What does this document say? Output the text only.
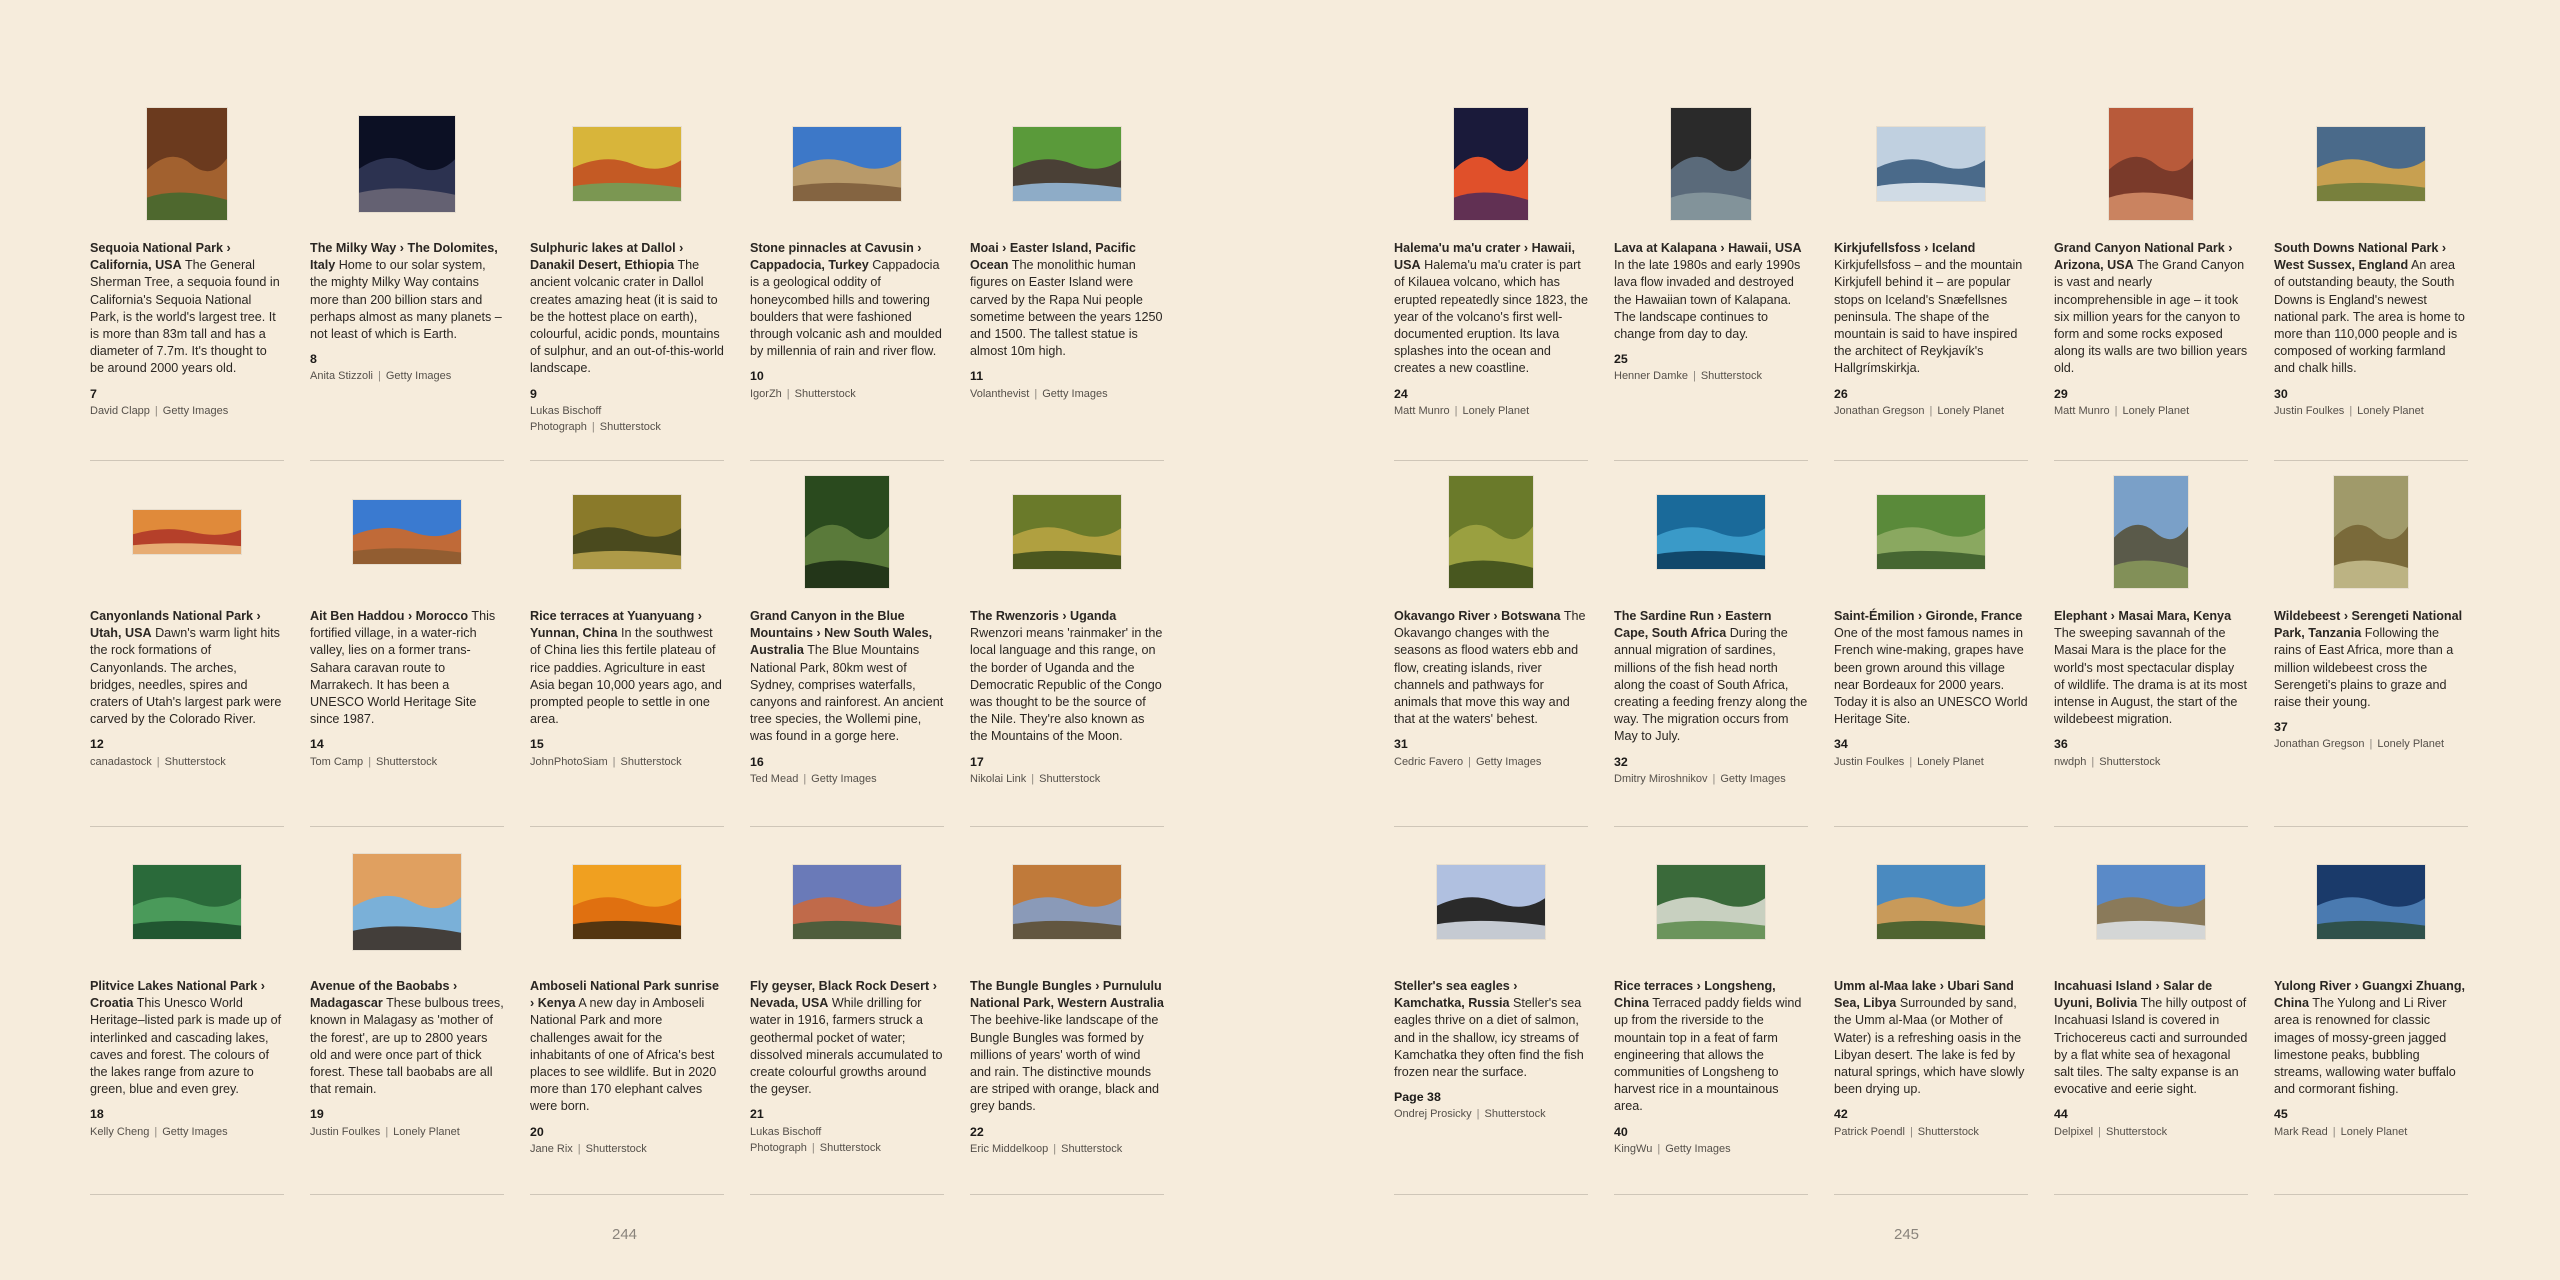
Sequoia National Park › California, USA The General Sherman Tree, a sequoia found in California's Sequoia National Park, is the world's largest tree. It is more than 83m tall and has a diameter of 7.7m. It's thought to be around 2000 years old.
7
David Clapp | Getty Images
The Milky Way › The Dolomites, Italy Home to our solar system, the mighty Milky Way contains more than 200 billion stars and perhaps almost as many planets – not least of which is Earth.
8
Anita Stizzoli | Getty Images
Sulphuric lakes at Dallol › Danakil Desert, Ethiopia The ancient volcanic crater in Dallol creates amazing heat (it is said to be the hottest place on earth), colourful, acidic ponds, mountains of sulphur, and an out-of-this-world landscape.
9
Lukas Bischoff Photograph | Shutterstock
Stone pinnacles at Cavusin › Cappadocia, Turkey Cappadocia is a geological oddity of honeycombed hills and towering boulders that were fashioned through volcanic ash and moulded by millennia of rain and river flow.
10
IgorZh | Shutterstock
Moai › Easter Island, Pacific Ocean The monolithic human figures on Easter Island were carved by the Rapa Nui people sometime between the years 1250 and 1500. The tallest statue is almost 10m high.
11
Volanthevist | Getty Images
Canyonlands National Park › Utah, USA Dawn's warm light hits the rock formations of Canyonlands. The arches, bridges, needles, spires and craters of Utah's largest park were carved by the Colorado River.
12
canadastock | Shutterstock
Ait Ben Haddou › Morocco This fortified village, in a water-rich valley, lies on a former trans-Sahara caravan route to Marrakech. It has been a UNESCO World Heritage Site since 1987.
14
Tom Camp | Shutterstock
Rice terraces at Yuanyuang › Yunnan, China In the southwest of China lies this fertile plateau of rice paddies. Agriculture in east Asia began 10,000 years ago, and prompted people to settle in one area.
15
JohnPhotoSiam | Shutterstock
Grand Canyon in the Blue Mountains › New South Wales, Australia The Blue Mountains National Park, 80km west of Sydney, comprises waterfalls, canyons and rainforest. An ancient tree species, the Wollemi pine, was found in a gorge here.
16
Ted Mead | Getty Images
The Rwenzoris › Uganda Rwenzori means 'rainmaker' in the local language and this range, on the border of Uganda and the Democratic Republic of the Congo was thought to be the source of the Nile. They're also known as the Mountains of the Moon.
17
Nikolai Link | Shutterstock
Plitvice Lakes National Park › Croatia This Unesco World Heritage–listed park is made up of interlinked and cascading lakes, caves and forest. The colours of the lakes range from azure to green, blue and even grey.
18
Kelly Cheng | Getty Images
Avenue of the Baobabs › Madagascar These bulbous trees, known in Malagasy as 'mother of the forest', are up to 2800 years old and were once part of thick forest. These tall baobabs are all that remain.
19
Justin Foulkes | Lonely Planet
Amboseli National Park sunrise › Kenya A new day in Amboseli National Park and more challenges await for the inhabitants of one of Africa's best places to see wildlife. But in 2020 more than 170 elephant calves were born.
20
Jane Rix | Shutterstock
Fly geyser, Black Rock Desert › Nevada, USA While drilling for water in 1916, farmers struck a geothermal pocket of water; dissolved minerals accumulated to create colourful growths around the geyser.
21
Lukas Bischoff Photograph | Shutterstock
The Bungle Bungles › Purnululu National Park, Western Australia The beehive-like landscape of the Bungle Bungles was formed by millions of years' worth of wind and rain. The distinctive mounds are striped with orange, black and grey bands.
22
Eric Middelkoop | Shutterstock
244
Halema'u ma'u crater › Hawaii, USA Halema'u ma'u crater is part of Kilauea volcano, which has erupted repeatedly since 1823, the year of the volcano's first well-documented eruption. Its lava splashes into the ocean and creates a new coastline.
24
Matt Munro | Lonely Planet
Lava at Kalapana › Hawaii, USA In the late 1980s and early 1990s lava flow invaded and destroyed the Hawaiian town of Kalapana. The landscape continues to change from day to day.
25
Henner Damke | Shutterstock
Kirkjufellsfoss › Iceland Kirkjufellsfoss – and the mountain Kirkjufell behind it – are popular stops on Iceland's Snæfellsnes peninsula. The shape of the mountain is said to have inspired the architect of Reykjavík's Hallgrímskirkja.
26
Jonathan Gregson | Lonely Planet
Grand Canyon National Park › Arizona, USA The Grand Canyon is vast and nearly incomprehensible in age – it took six million years for the canyon to form and some rocks exposed along its walls are two billion years old.
29
Matt Munro | Lonely Planet
South Downs National Park › West Sussex, England An area of outstanding beauty, the South Downs is England's newest national park. The area is home to more than 110,000 people and is composed of working farmland and chalk hills.
30
Justin Foulkes | Lonely Planet
Okavango River › Botswana The Okavango changes with the seasons as flood waters ebb and flow, creating islands, river channels and pathways for animals that move this way and that at the waters' behest.
31
Cedric Favero | Getty Images
The Sardine Run › Eastern Cape, South Africa During the annual migration of sardines, millions of the fish head north along the coast of South Africa, creating a feeding frenzy along the way. The migration occurs from May to July.
32
Dmitry Miroshnikov | Getty Images
Saint-Émilion › Gironde, France One of the most famous names in French wine-making, grapes have been grown around this village near Bordeaux for 2000 years. Today it is also an UNESCO World Heritage Site.
34
Justin Foulkes | Lonely Planet
Elephant › Masai Mara, Kenya The sweeping savannah of the Masai Mara is the place for the world's most spectacular display of wildlife. The drama is at its most intense in August, the start of the wildebeest migration.
36
nwdph | Shutterstock
Wildebeest › Serengeti National Park, Tanzania Following the rains of East Africa, more than a million wildebeest cross the Serengeti's plains to graze and raise their young.
37
Jonathan Gregson | Lonely Planet
Steller's sea eagles › Kamchatka, Russia Steller's sea eagles thrive on a diet of salmon, and in the shallow, icy streams of Kamchatka they often find the fish frozen near the surface.
Page 38
Ondrej Prosicky | Shutterstock
Rice terraces › Longsheng, China Terraced paddy fields wind up from the riverside to the mountain top in a feat of farm engineering that allows the communities of Longsheng to harvest rice in a mountainous area.
40
KingWu | Getty Images
Umm al-Maa lake › Ubari Sand Sea, Libya Surrounded by sand, the Umm al-Maa (or Mother of Water) is a refreshing oasis in the Libyan desert. The lake is fed by natural springs, which have slowly been drying up.
42
Patrick Poendl | Shutterstock
Incahuasi Island › Salar de Uyuni, Bolivia The hilly outpost of Incahuasi Island is covered in Trichocereus cacti and surrounded by a flat white sea of hexagonal salt tiles. The salty expanse is an evocative and eerie sight.
44
Delpixel | Shutterstock
Yulong River › Guangxi Zhuang, China The Yulong and Li River area is renowned for classic images of mossy-green jagged limestone peaks, bubbling streams, wallowing water buffalo and cormorant fishing.
45
Mark Read | Lonely Planet
245
